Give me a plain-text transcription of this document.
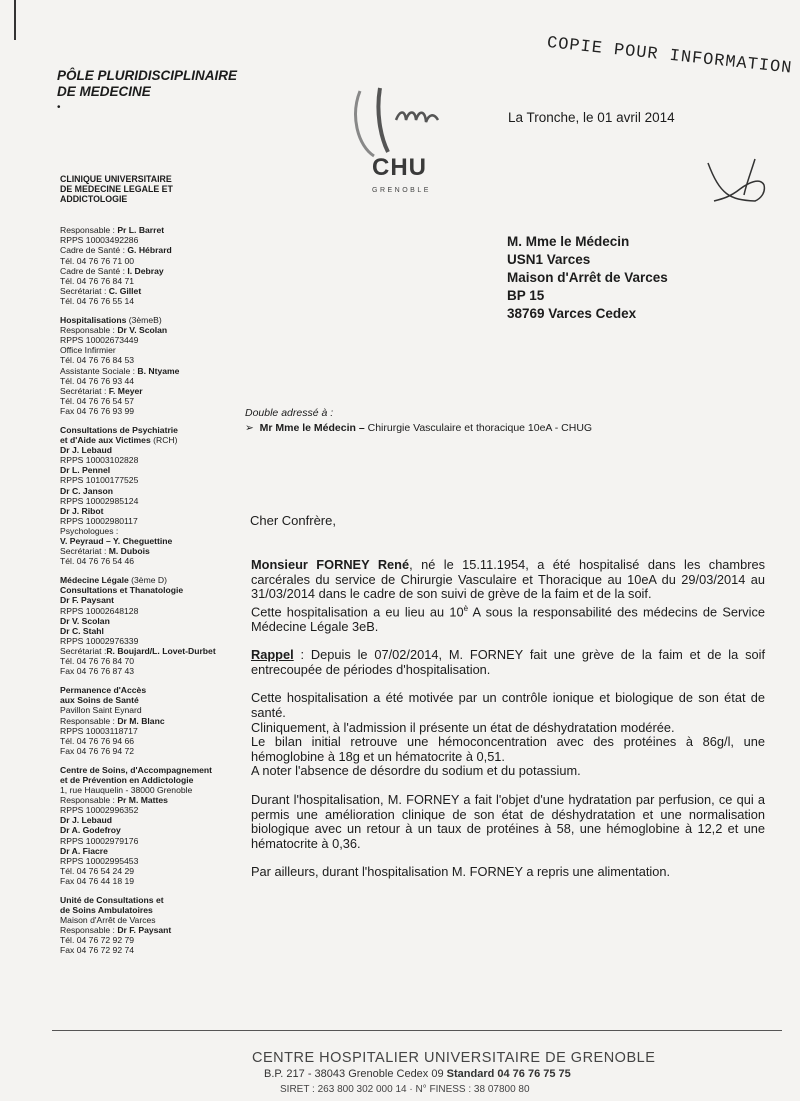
COPIE POUR INFORMATION
PÔLE PLURIDISCIPLINAIRE
DE MEDECINE
•
CHU
GRENOBLE
La Tronche, le 01 avril 2014
CLINIQUE UNIVERSITAIRE
DE MEDECINE LEGALE ET
ADDICTOLOGIE
Responsable : Pr L. Barret
RPPS 10003492286
Cadre de Santé : G. Hébrard
Tél. 04 76 76 71 00
Cadre de Santé : I. Debray
Tél. 04 76 76 84 71
Secrétariat : C. Gillet
Tél. 04 76 76 55 14
Hospitalisations (3èmeB)
Responsable : Dr V. Scolan
RPPS 10002673449
Office Infirmier
Tél. 04 76 76 84 53
Assistante Sociale : B. Ntyame
Tél. 04 76 76 93 44
Secrétariat : F. Meyer
Tél. 04 76 76 54 57
Fax 04 76 76 93 99
Consultations de Psychiatrie
et d'Aide aux Victimes (RCH)
Dr J. Lebaud
RPPS 10003102828
Dr L. Pennel
RPPS 10100177525
Dr C. Janson
RPPS 10002985124
Dr J. Ribot
RPPS 10002980117
Psychologues :
V. Peyraud – Y. Cheguettine
Secrétariat : M. Dubois
Tél. 04 76 76 54 46
Médecine Légale (3ème D)
Consultations et Thanatologie
Dr F. Paysant
RPPS 10002648128
Dr V. Scolan
Dr C. Stahl
RPPS 10002976339
Secrétariat :R. Boujard/L. Lovet-Durbet
Tél. 04 76 76 84 70
Fax 04 76 76 87 43
Permanence d'Accès
aux Soins de Santé
Pavillon Saint Eynard
Responsable : Dr M. Blanc
RPPS 10003118717
Tél. 04 76 76 94 66
Fax 04 76 76 94 72
Centre de Soins, d'Accompagnement
et de Prévention en Addictologie
1, rue Hauquelin - 38000 Grenoble
Responsable : Pr M. Mattes
RPPS 10002996352
Dr J. Lebaud
Dr A. Godefroy
RPPS 10002979176
Dr A. Fiacre
RPPS 10002995453
Tél. 04 76 54 24 29
Fax 04 76 44 18 19
Unité de Consultations et
de Soins Ambulatoires
Maison d'Arrêt de Varces
Responsable : Dr F. Paysant
Tél. 04 76 72 92 79
Fax 04 76 72 92 74
M. Mme le Médecin
USN1 Varces
Maison d'Arrêt de Varces
BP 15
38769 Varces Cedex
Double adressé à :
➢ Mr Mme le Médecin – Chirurgie Vasculaire et thoracique 10eA - CHUG
Cher Confrère,

Monsieur FORNEY René, né le 15.11.1954, a été hospitalisé dans les chambres carcérales du service de Chirurgie Vasculaire et Thoracique au 10eA du 29/03/2014 au 31/03/2014 dans le cadre de son suivi de grève de la faim et de la soif.
Cette hospitalisation a eu lieu au $10^è$ A sous la responsabilité des médecins de Service Médecine Légale 3eB.

Rappel : Depuis le 07/02/2014, M. FORNEY fait une grève de la faim et de la soif entrecoupée de périodes d'hospitalisation.

Cette hospitalisation a été motivée par un contrôle ionique et biologique de son état de santé.
Cliniquement, à l'admission il présente un état de déshydratation modérée.
Le bilan initial retrouve une hémoconcentration avec des protéines à 86g/l, une hémoglobine à 18g et un hématocrite à 0,51.
A noter l'absence de désordre du sodium et du potassium.

Durant l'hospitalisation, M. FORNEY a fait l'objet d'une hydratation par perfusion, ce qui a permis une amélioration clinique de son état de déshydratation et une normalisation biologique avec un retour à un taux de protéines à 58, une hémoglobine à 12,2 et une hématocrite à 0,36.

Par ailleurs, durant l'hospitalisation M. FORNEY a repris une alimentation.

CENTRE HOSPITALIER UNIVERSITAIRE DE GRENOBLE
B.P. 217 - 38043 Grenoble Cedex 09 Standard 04 76 76 75 75
SIRET : 263 800 302 000 14 · N° FINESS : 38 07800 80
